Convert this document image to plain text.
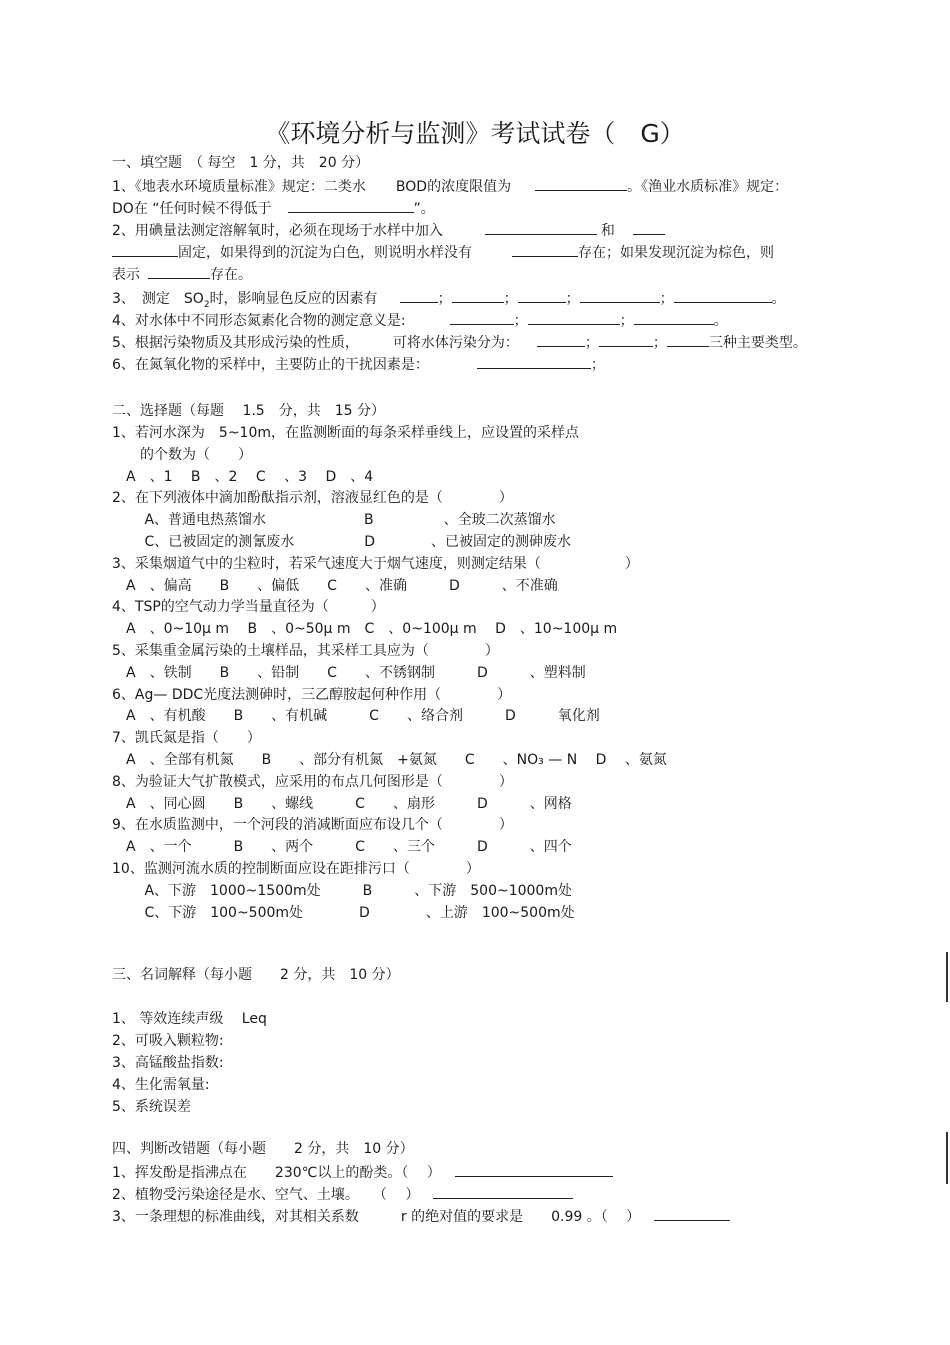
《环境分析与监测》考试试卷（　G）
一、填空题　（ 每空　1 分，共　20 分）
1、《地表水环境质量标准》规定：二类水 BOD的浓度限值为	。《渔业水质标准》规定：
DO在 “任何时候不得低于	”。
2、用碘量法测定溶解氧时，必须在现场于水样中加入	和
固定，如果得到的沉淀为白色，则说明水样没有	存在；如果发现沉淀为棕色，则
表示	存在。
3、　测定　$SO_2$时，影响显色反应的因素有	；	；	；	；	。
4、对水体中不同形态氮素化合物的测定意义是:	；	；	。
5、根据污染物质及其形成污染的性质， 可将水体污染分为：	；	；	三种主要类型。
6、在氮氧化物的采样中，主要防止的干扰因素是：	；
二、选择题（每题　 1.5　分，共　15 分）
1、若河水深为　5~10m，在监测断面的每条采样垂线上，应设置的采样点
　　的个数为（　　）
　A　、1　 B　、2　 C　 、3　 D　、4
2、在下列液体中滴加酚酞指示剂，溶液显红色的是（　　　　）
　　 A、普通电热蒸馏水　　　　　　　B　　　　　、全玻二次蒸馏水
　　 C、已被固定的测氰废水　　　　　D　　　　、已被固定的测砷废水
3、采集烟道气中的尘粒时，若采气速度大于烟气速度，则测定结果（　　　　　　）
　A　、偏高　　B　　、偏低　　C　　、准确　　　D　　　、不准确
4、TSP的空气动力学当量直径为（　　　）
　A　、0~10μ m　 B　、0~50μ m　C　、0~100μ m　 D　、10~100μ m
5、采集重金属污染的土壤样品，其采样工具应为（　　　　）
　A　、铁制　　B　　、铅制　　C　　、不锈钢制　　　D　　　、塑料制
6、Ag— DDC光度法测砷时，三乙醇胺起何种作用（　　　　）
　A　、有机酸　　B　　、有机碱　　　C　　、络合剂　　　D　　　氧化剂
7、凯氏氮是指（　　）
　A　、全部有机氮　　B　　、部分有机氮　+氨氮　　C　　、NO₃ — N　 D　 、氨氮
8、为验证大气扩散模式，应采用的布点几何图形是（　　　　）
　A　、同心圆　　B　　、螺线　　　C　　、扇形　　　D　　　、网格
9、在水质监测中，一个河段的消减断面应布设几个（　　　　）
　A　、一个　　　B　　、两个　　　C　　、三个　　　D　　　、四个
10、监测河流水质的控制断面应设在距排污口（　　　　）
　　 A、下游　1000~1500m处　　　B　　　、下游　500~1000m处
　　 C、下游　100~500m处　　　　D　　　　、上游　100~500m处
三、名词解释（每小题　　2 分，共　10 分）
1、 等效连续声级　 Leq
2、可吸入颗粒物:
3、高锰酸盐指数:
4、生化需氧量:
5、系统误差
四、判断改错题（每小题　　2 分，共　10 分）
1、挥发酚是指沸点在　　230℃以上的酚类。（　 ）
2、植物受污染途径是水、空气、土壤。　　（　 ）
3、一条理想的标准曲线，对其相关系数　　　r 的绝对值的要求是　　0.99 。（　 ）
